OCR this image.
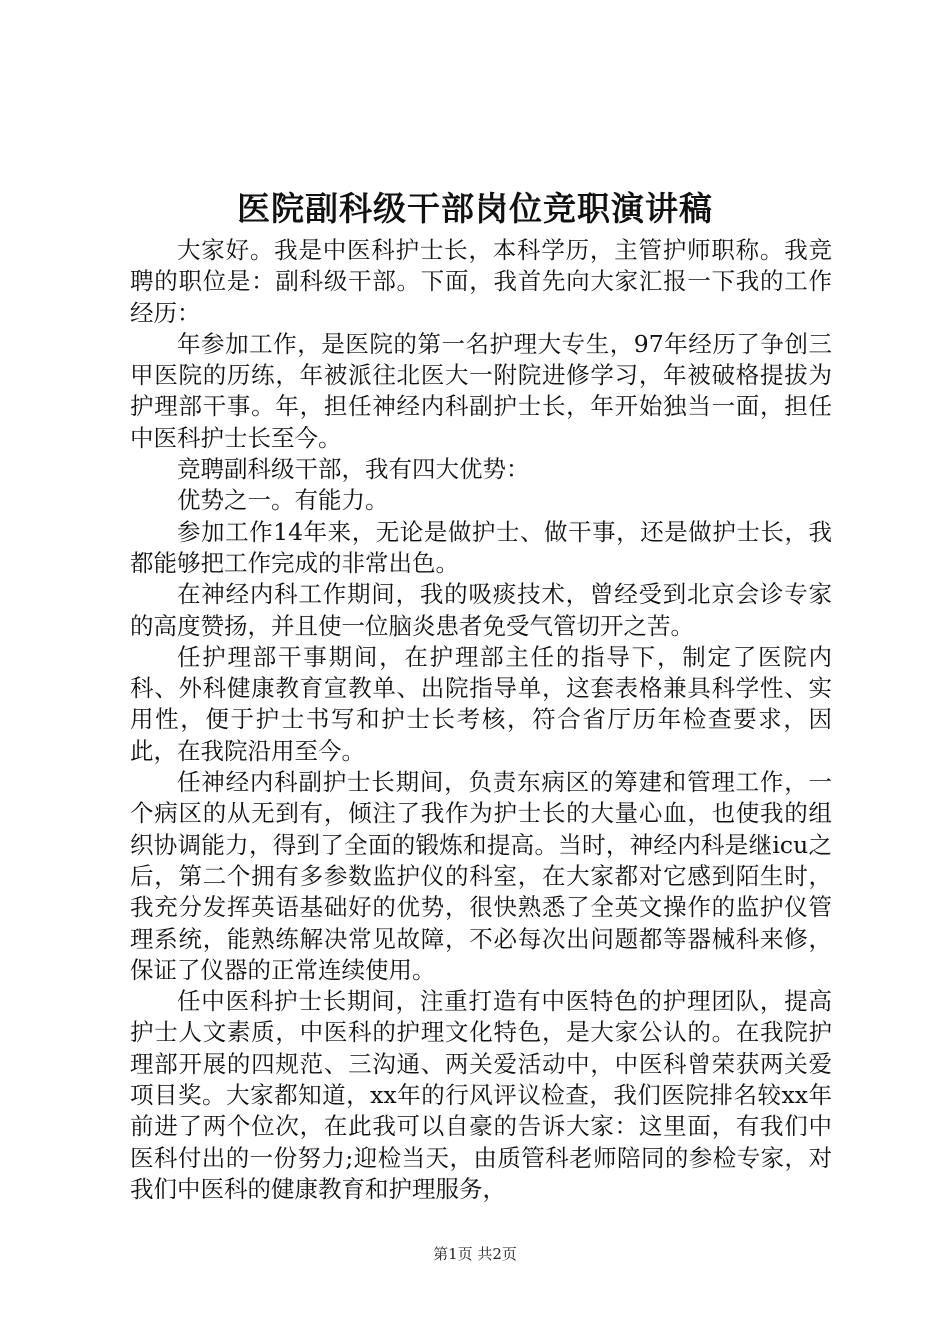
医院副科级干部岗位竞职演讲稿

大家好。我是中医科护士长，本科学历，主管护师职称。我竞聘的职位是：副科级干部。下面，我首先向大家汇报一下我的工作经历：

年参加工作，是医院的第一名护理大专生，97年经历了争创三甲医院的历练，年被派往北医大一附院进修学习，年被破格提拔为护理部干事。年，担任神经内科副护士长，年开始独当一面，担任中医科护士长至今。

竞聘副科级干部，我有四大优势：

优势之一。有能力。

参加工作14年来，无论是做护士、做干事，还是做护士长，我都能够把工作完成的非常出色。

在神经内科工作期间，我的吸痰技术，曾经受到北京会诊专家的高度赞扬，并且使一位脑炎患者免受气管切开之苦。

任护理部干事期间，在护理部主任的指导下，制定了医院内科、外科健康教育宣教单、出院指导单，这套表格兼具科学性、实用性，便于护士书写和护士长考核，符合省厅历年检查要求，因此，在我院沿用至今。

任神经内科副护士长期间，负责东病区的筹建和管理工作，一个病区的从无到有，倾注了我作为护士长的大量心血，也使我的组织协调能力，得到了全面的锻炼和提高。当时，神经内科是继icu之后，第二个拥有多参数监护仪的科室，在大家都对它感到陌生时，我充分发挥英语基础好的优势，很快熟悉了全英文操作的监护仪管理系统，能熟练解决常见故障，不必每次出问题都等器械科来修，保证了仪器的正常连续使用。

任中医科护士长期间，注重打造有中医特色的护理团队，提高护士人文素质，中医科的护理文化特色，是大家公认的。在我院护理部开展的四规范、三沟通、两关爱活动中，中医科曾荣获两关爱项目奖。大家都知道，xx年的行风评议检查，我们医院排名较xx年前进了两个位次，在此我可以自豪的告诉大家：这里面，有我们中医科付出的一份努力;迎检当天，由质管科老师陪同的参检专家，对我们中医科的健康教育和护理服务，

第1页 共2页
